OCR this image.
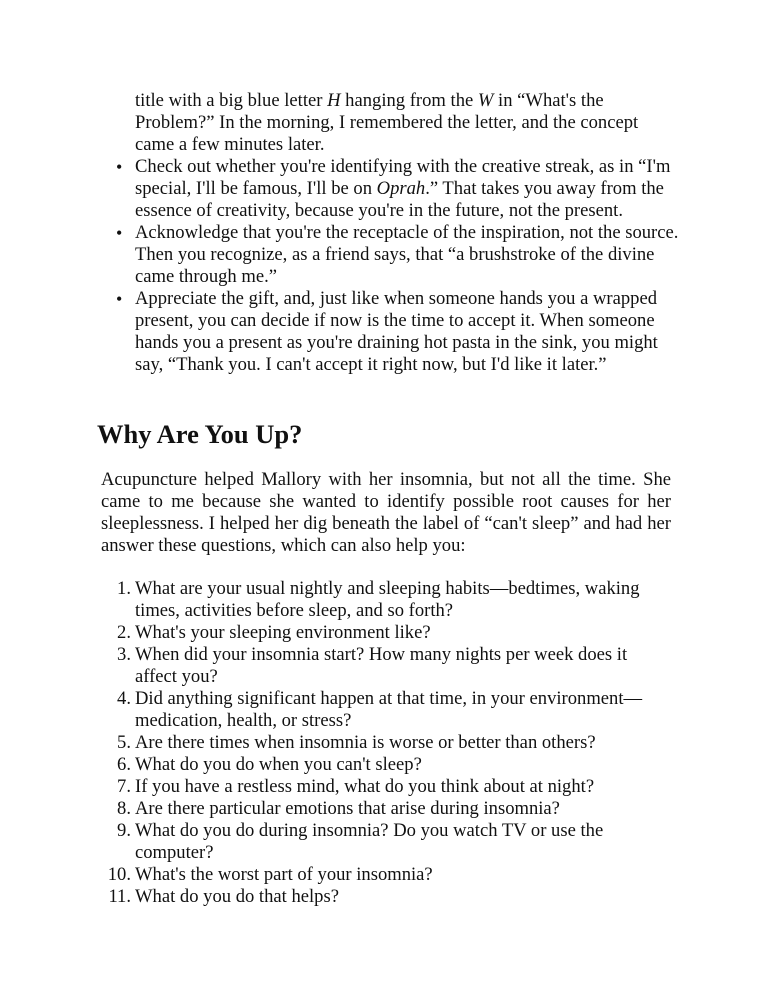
title with a big blue letter H hanging from the W in “What's the Problem?” In the morning, I remembered the letter, and the concept came a few minutes later.

• Check out whether you're identifying with the creative streak, as in “I'm special, I'll be famous, I'll be on Oprah.” That takes you away from the essence of creativity, because you're in the future, not the present.
• Acknowledge that you're the receptacle of the inspiration, not the source. Then you recognize, as a friend says, that “a brushstroke of the divine came through me.”
• Appreciate the gift, and, just like when someone hands you a wrapped present, you can decide if now is the time to accept it. When someone hands you a present as you're draining hot pasta in the sink, you might say, “Thank you. I can't accept it right now, but I'd like it later.”
Why Are You Up?

Acupuncture helped Mallory with her insomnia, but not all the time. She came to me because she wanted to identify possible root causes for her sleeplessness. I helped her dig beneath the label of “can't sleep” and had her answer these questions, which can also help you:

1. What are your usual nightly and sleeping habits—bedtimes, waking times, activities before sleep, and so forth?
2. What's your sleeping environment like?
3. When did your insomnia start? How many nights per week does it affect you?
4. Did anything significant happen at that time, in your environment—medication, health, or stress?
5. Are there times when insomnia is worse or better than others?
6. What do you do when you can't sleep?
7. If you have a restless mind, what do you think about at night?
8. Are there particular emotions that arise during insomnia?
9. What do you do during insomnia? Do you watch TV or use the computer?
10. What's the worst part of your insomnia?
11. What do you do that helps?
